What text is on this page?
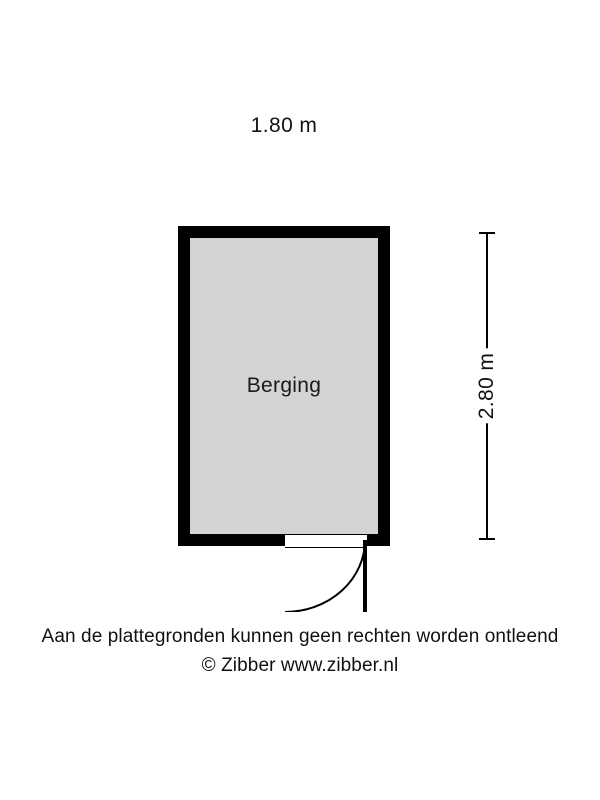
1.80 m
Berging	2.80 m
Aan de plattegronden kunnen geen rechten worden ontleend
© Zibber www.zibber.nl
